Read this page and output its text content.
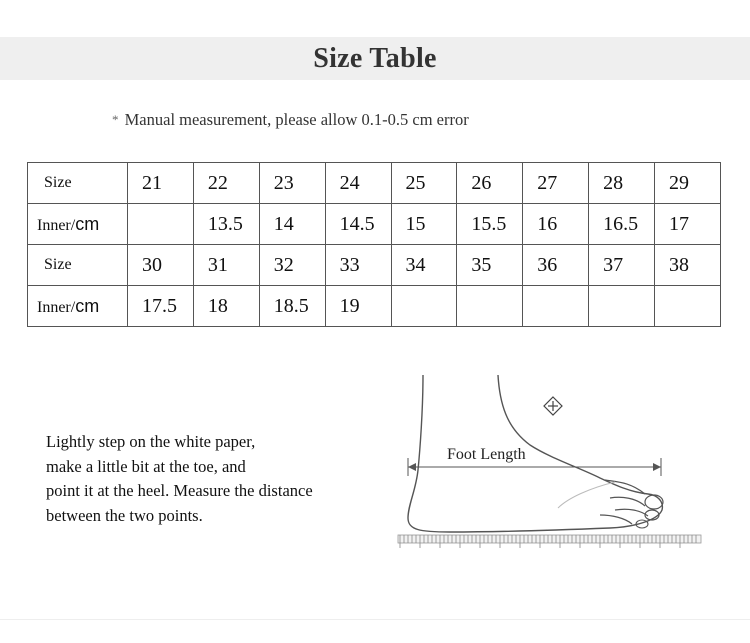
Size Table
* Manual measurement, please allow 0.1-0.5 cm error
Size	21	22	23	24	25	26	27	28	29
Inner/cm		13.5	14	14.5	15	15.5	16	16.5	17
Size	30	31	32	33	34	35	36	37	38
Inner/cm	17.5	18	18.5	19					

Lightly step on the white paper,

make a little bit at the toe, and

point it at the heel. Measure the distance

between the two points.

Foot Length
